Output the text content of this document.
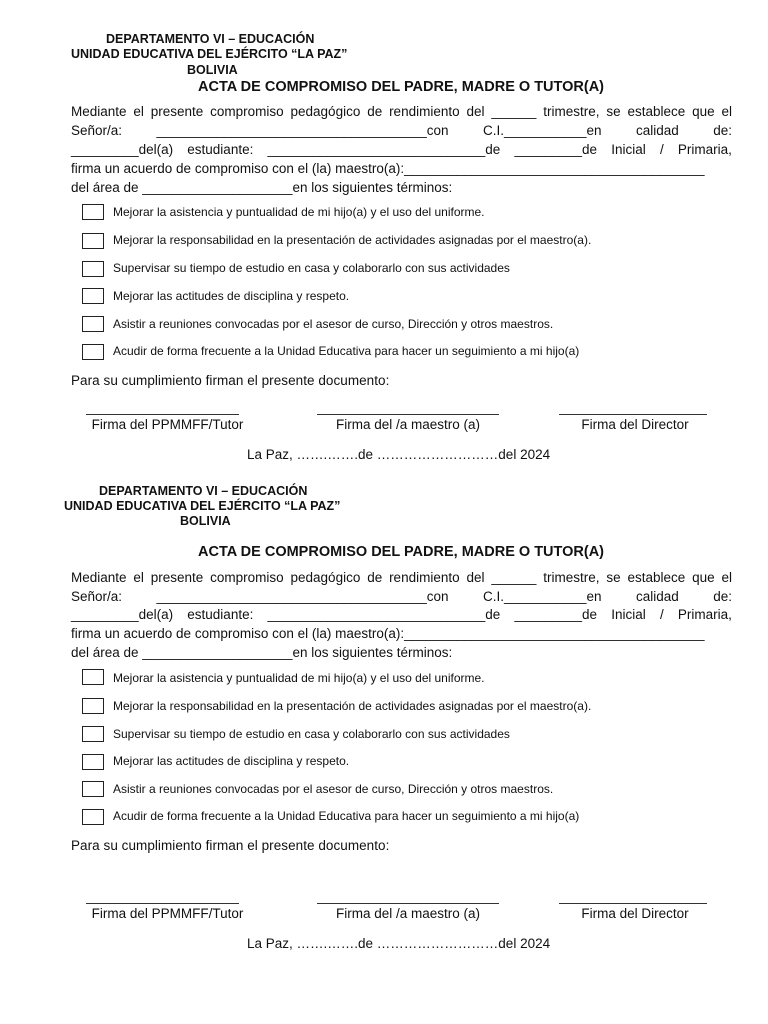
DEPARTAMENTO VI – EDUCACIÓN
UNIDAD EDUCATIVA DEL EJÉRCITO “LA PAZ”
BOLIVIA
ACTA DE COMPROMISO DEL PADRE, MADRE O TUTOR(A)
Mediante el presente compromiso pedagógico de rendimiento del ______ trimestre, se establece que el
Señor/a:	____________________________________con	C.I.___________en	calidad	de:
_________del(a) estudiante: _____________________________de _________de Inicial / Primaria,
firma un acuerdo de compromiso con el (la) maestro(a):________________________________________
del área de ____________________en los siguientes términos:
Mejorar la asistencia y puntualidad de mi hijo(a) y el uso del uniforme.
Mejorar la responsabilidad en la presentación de actividades asignadas por el maestro(a).
Supervisar su tiempo de estudio en casa y colaborarlo con sus actividades
Mejorar las actitudes de disciplina y respeto.
Asistir a reuniones convocadas por el asesor de curso, Dirección y otros maestros.
Acudir de forma frecuente a la Unidad Educativa para hacer un seguimiento a mi hijo(a)
Para su cumplimiento firman el presente documento:
Firma del PPMMFF/Tutor	Firma del /a maestro (a)	Firma del Director
La Paz, …….…….de ………………………del 2024
DEPARTAMENTO VI – EDUCACIÓN
UNIDAD EDUCATIVA DEL EJÉRCITO “LA PAZ”
BOLIVIA
ACTA DE COMPROMISO DEL PADRE, MADRE O TUTOR(A)
Mediante el presente compromiso pedagógico de rendimiento del ______ trimestre, se establece que el
Señor/a:	____________________________________con	C.I.___________en	calidad	de:
_________del(a) estudiante: _____________________________de _________de Inicial / Primaria,
firma un acuerdo de compromiso con el (la) maestro(a):________________________________________
del área de ____________________en los siguientes términos:
Mejorar la asistencia y puntualidad de mi hijo(a) y el uso del uniforme.
Mejorar la responsabilidad en la presentación de actividades asignadas por el maestro(a).
Supervisar su tiempo de estudio en casa y colaborarlo con sus actividades
Mejorar las actitudes de disciplina y respeto.
Asistir a reuniones convocadas por el asesor de curso, Dirección y otros maestros.
Acudir de forma frecuente a la Unidad Educativa para hacer un seguimiento a mi hijo(a)
Para su cumplimiento firman el presente documento:
Firma del PPMMFF/Tutor	Firma del /a maestro (a)	Firma del Director
La Paz, …….…….de ………………………del 2024
